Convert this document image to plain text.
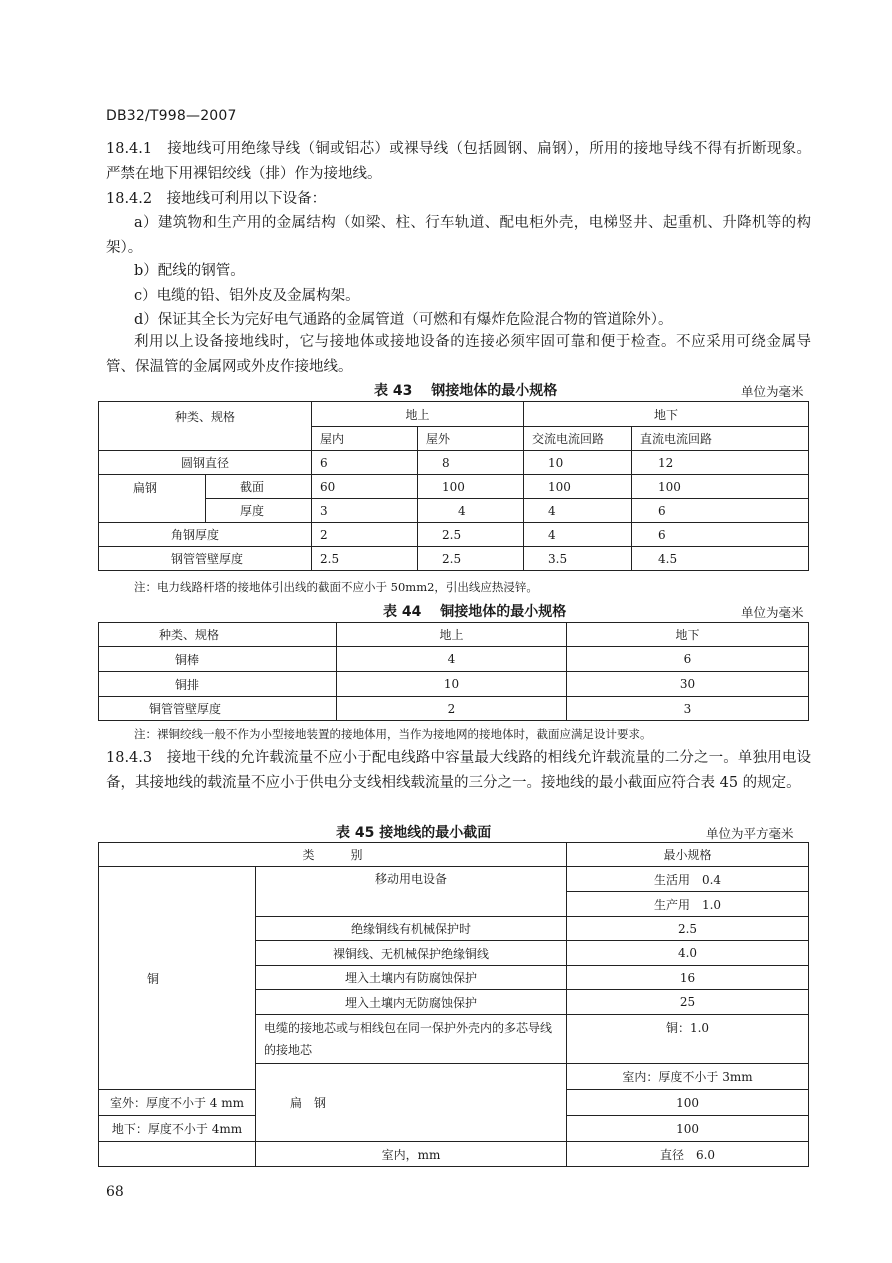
DB32/T998—2007
18.4.1　接地线可用绝缘导线（铜或铝芯）或裸导线（包括圆钢、扁钢），所用的接地导线不得有折断现象。严禁在地下用裸铝绞线（排）作为接地线。
18.4.2　接地线可利用以下设备：
a）建筑物和生产用的金属结构（如梁、柱、行车轨道、配电柜外壳，电梯竖井、起重机、升降机等的构架）。
b）配线的钢管。
c）电缆的铅、铝外皮及金属构架。
d）保证其全长为完好电气通路的金属管道（可燃和有爆炸危险混合物的管道除外）。
利用以上设备接地线时，它与接地体或接地设备的连接必须牢固可靠和便于检查。不应采用可绕金属导管、保温管的金属网或外皮作接地线。
表 43　 钢接地体的最小规格	单位为毫米
种类、规格		地上		地下	
		屋内	屋外	交流电流回路	直流电流回路
圆钢直径		6	8	10	12
扁钢	截面	60	100	100	100
	厚度	3	4	4	6
角钢厚度		2	2.5	4	6
钢管管壁厚度		2.5	2.5	3.5	4.5
注：电力线路杆塔的接地体引出线的截面不应小于 50mm2，引出线应热浸锌。
表 44　 铜接地体的最小规格	单位为毫米
种类、规格	地上	地下
铜棒	4	6
铜排	10	30
铜管管壁厚度	2	3
注：裸铜绞线一般不作为小型接地装置的接地体用，当作为接地网的接地体时，截面应满足设计要求。
18.4.3　接地干线的允许载流量不应小于配电线路中容量最大线路的相线允许载流量的二分之一。单独用电设备，其接地线的载流量不应小于供电分支线相线载流量的三分之一。接地线的最小截面应符合表 45 的规定。
表 45 接地线的最小截面	单位为平方毫米
类　　　别		最小规格	
铜	移动用电设备	生活用　0.4	
		生产用　1.0	
	绝缘铜线有机械保护时	2.5	
	裸铜线、无机械保护绝缘铜线	4.0	
	埋入土壤内有防腐蚀保护	16	
	埋入土壤内无防腐蚀保护	25	
	电缆的接地芯或与相线包在同一保护外壳内的多芯导线的接地芯	铜：1.0	
	扁　钢	室内：厚度不小于 3mm	
室外：厚度不小于 4 mm		100	
地下：厚度不小于 4mm		100	
	室内，mm	直径　6.0	
68
